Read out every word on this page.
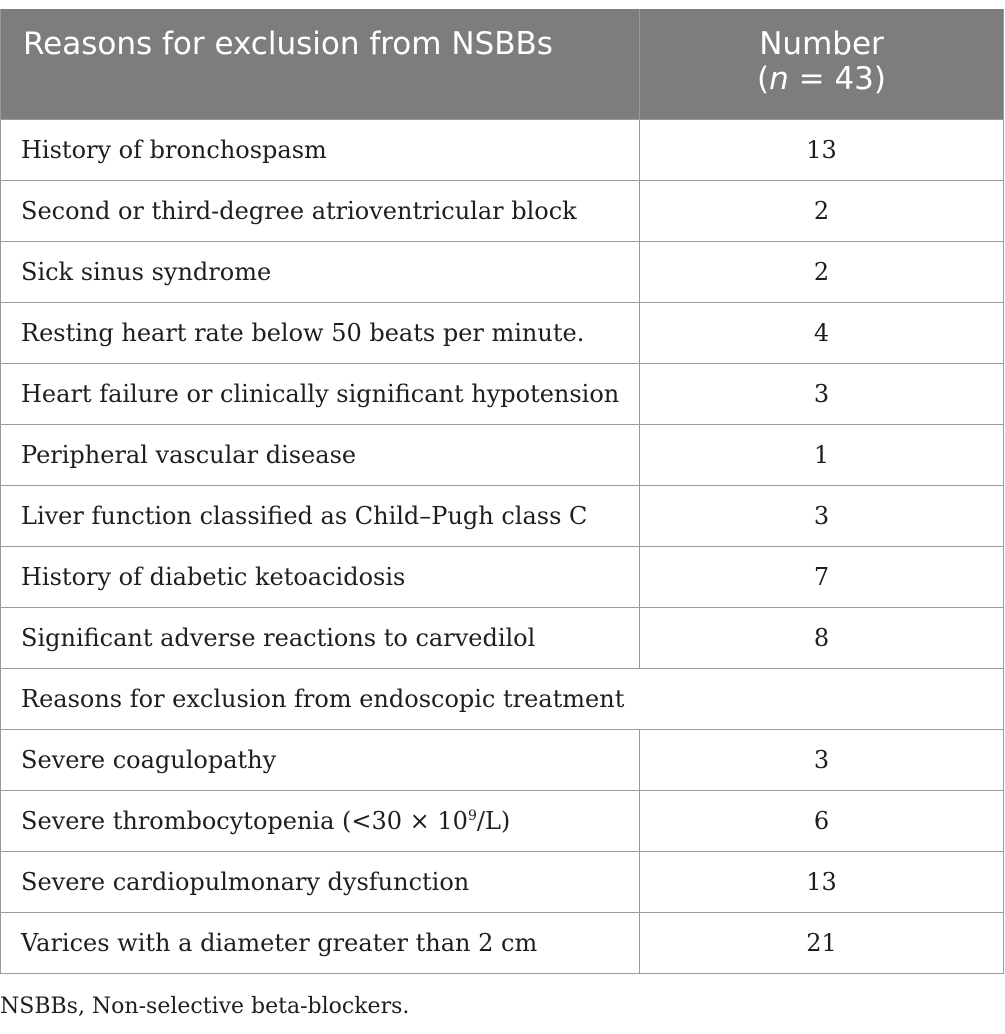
Reasons for exclusion from NSBBs	Number
(n = 43)
History of bronchospasm	13
Second or third-degree atrioventricular block	2
Sick sinus syndrome	2
Resting heart rate below 50 beats per minute.	4
Heart failure or clinically significant hypotension	3
Peripheral vascular disease	1
Liver function classified as Child–Pugh class C	3
History of diabetic ketoacidosis	7
Significant adverse reactions to carvedilol	8
Reasons for exclusion from endoscopic treatment	
Severe coagulopathy	3
Severe thrombocytopenia $(<30 \times 10^9/L)$	6
Severe cardiopulmonary dysfunction	13
Varices with a diameter greater than 2 cm	21
NSBBs, Non-selective beta-blockers.
